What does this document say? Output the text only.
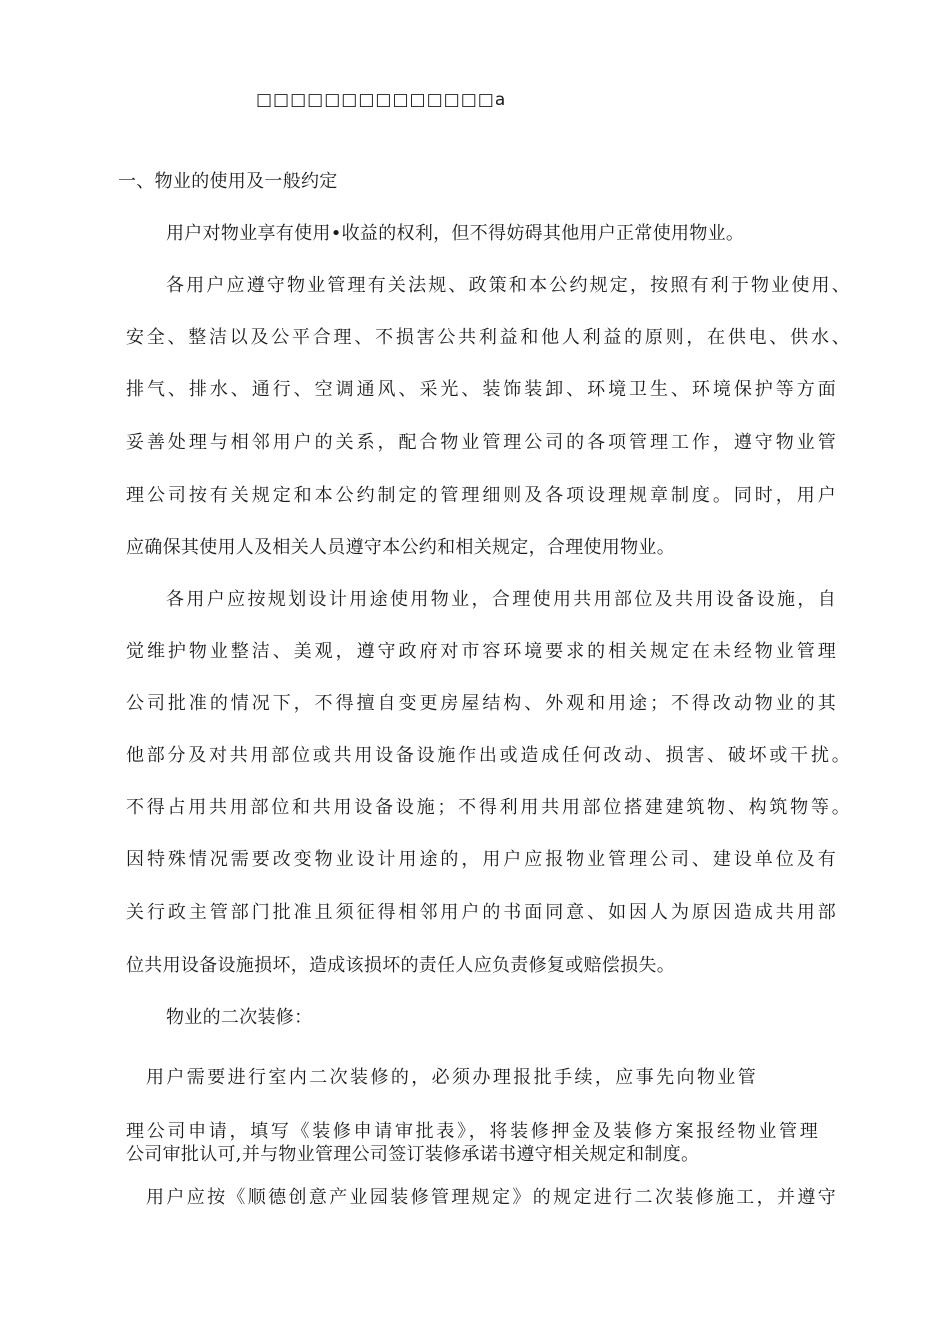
□□□□□□□□□□□□□□a
一、物业的使用及一般约定
用户对物业享有使用•收益的权利，但不得妨碍其他用户正常使用物业。
各用户应遵守物业管理有关法规、政策和本公约规定，按照有利于物业使用、
安全、整洁以及公平合理、不损害公共利益和他人利益的原则，在供电、供水、
排气、排水、通行、空调通风、采光、装饰装卸、环境卫生、环境保护等方面
妥善处理与相邻用户的关系，配合物业管理公司的各项管理工作，遵守物业管
理公司按有关规定和本公约制定的管理细则及各项设理规章制度。同时，用户
应确保其使用人及相关人员遵守本公约和相关规定，合理使用物业。
各用户应按规划设计用途使用物业，合理使用共用部位及共用设备设施，自
觉维护物业整洁、美观，遵守政府对市容环境要求的相关规定在未经物业管理
公司批准的情况下，不得擅自变更房屋结构、外观和用途；不得改动物业的其
他部分及对共用部位或共用设备设施作出或造成任何改动、损害、破坏或干扰。
不得占用共用部位和共用设备设施；不得利用共用部位搭建建筑物、构筑物等。
因特殊情况需要改变物业设计用途的，用户应报物业管理公司、建设单位及有
关行政主管部门批准且须征得相邻用户的书面同意、如因人为原因造成共用部
位共用设备设施损坏，造成该损坏的责任人应负责修复或赔偿损失。
物业的二次装修：
用户需要进行室内二次装修的，必须办理报批手续，应事先向物业管
理公司申请，填写《装修申请审批表》，将装修押金及装修方案报经物业管理
公司审批认可,并与物业管理公司签订装修承诺书遵守相关规定和制度。
用户应按《顺德创意产业园装修管理规定》的规定进行二次装修施工，并遵守
